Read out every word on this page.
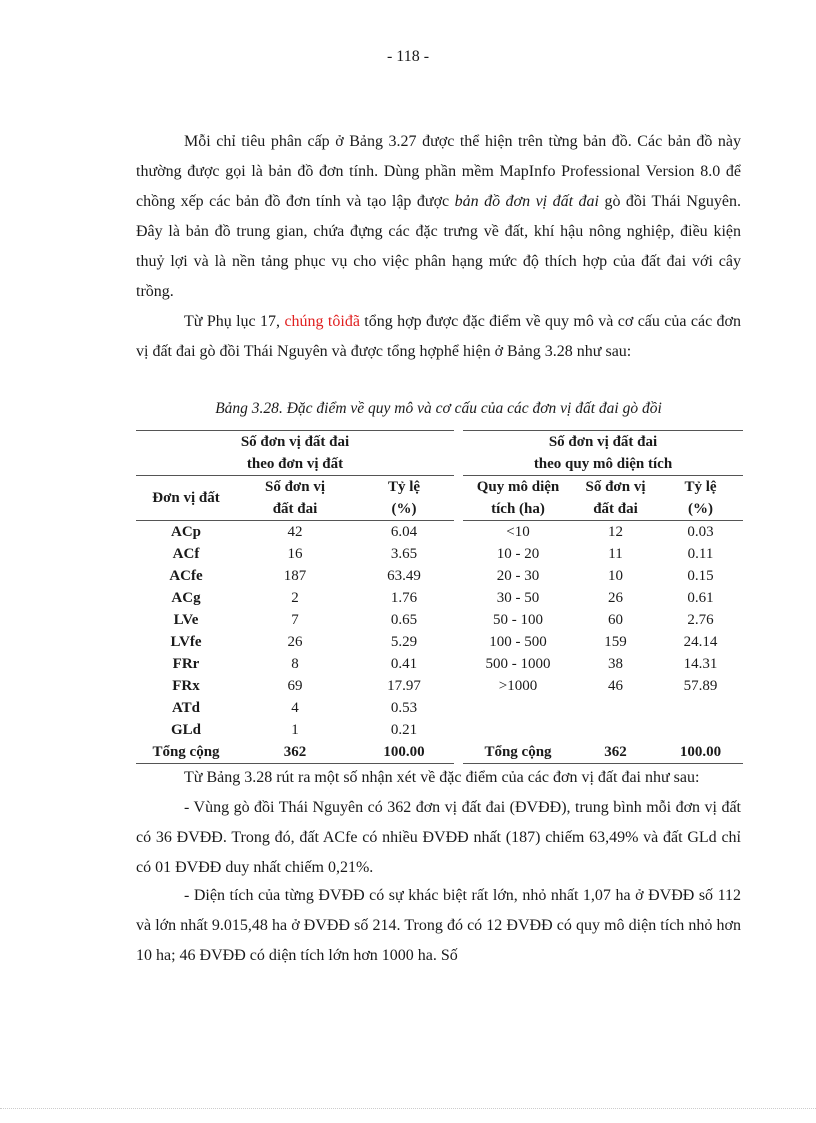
- 118 -

Mỗi chỉ tiêu phân cấp ở Bảng 3.27 được thể hiện trên từng bản đồ. Các bản đồ này thường được gọi là bản đồ đơn tính. Dùng phần mềm MapInfo Professional Version 8.0 để chồng xếp các bản đồ đơn tính và tạo lập được bản đồ đơn vị đất đai gò đồi Thái Nguyên. Đây là bản đồ trung gian, chứa đựng các đặc trưng về đất, khí hậu nông nghiệp, điều kiện thuỷ lợi và là nền tảng phục vụ cho việc phân hạng mức độ thích hợp của đất đai với cây trồng.

Từ Phụ lục 17, chúng tôiđã tổng hợp được đặc điểm về quy mô và cơ cấu của các đơn vị đất đai gò đồi Thái Nguyên và được tổng hợphể hiện ở Bảng 3.28 như sau:

Bảng 3.28. Đặc điểm về quy mô và cơ cấu của các đơn vị đất đai gò đồi
Số đơn vị đất đai		
theo đơn vị đất		
Đơn vị đất	Số đơn vị	Tỷ lệ
	đất đai	(%)
ACp	42	6.04
ACf	16	3.65
ACfe	187	63.49
ACg	2	1.76
LVe	7	0.65
LVfe	26	5.29
FRr	8	0.41
FRx	69	17.97
ATd	4	0.53
GLd	1	0.21
Tổng cộng	362	100.00
Số đơn vị đất đai		
theo quy mô diện tích		
Quy mô diện	Số đơn vị	Tỷ lệ
tích (ha)	đất đai	(%)
<10	12	0.03
10 - 20	11	0.11
20 - 30	10	0.15
30 - 50	26	0.61
50 - 100	60	2.76
100 - 500	159	24.14
500 - 1000	38	14.31
>1000	46	57.89

Tổng cộng	362	100.00

Từ Bảng 3.28 rút ra một số nhận xét về đặc điểm của các đơn vị đất đai như sau:

- Vùng gò đồi Thái Nguyên có 362 đơn vị đất đai (ĐVĐĐ), trung bình mỗi đơn vị đất có 36 ĐVĐĐ. Trong đó, đất ACfe có nhiều ĐVĐĐ nhất (187) chiếm 63,49% và đất GLd chỉ có 01 ĐVĐĐ duy nhất chiếm 0,21%.

- Diện tích của từng ĐVĐĐ có sự khác biệt rất lớn, nhỏ nhất 1,07 ha ở ĐVĐĐ số 112 và lớn nhất 9.015,48 ha ở ĐVĐĐ số 214. Trong đó có 12 ĐVĐĐ có quy mô diện tích nhỏ hơn 10 ha; 46 ĐVĐĐ có diện tích lớn hơn 1000 ha. Số
